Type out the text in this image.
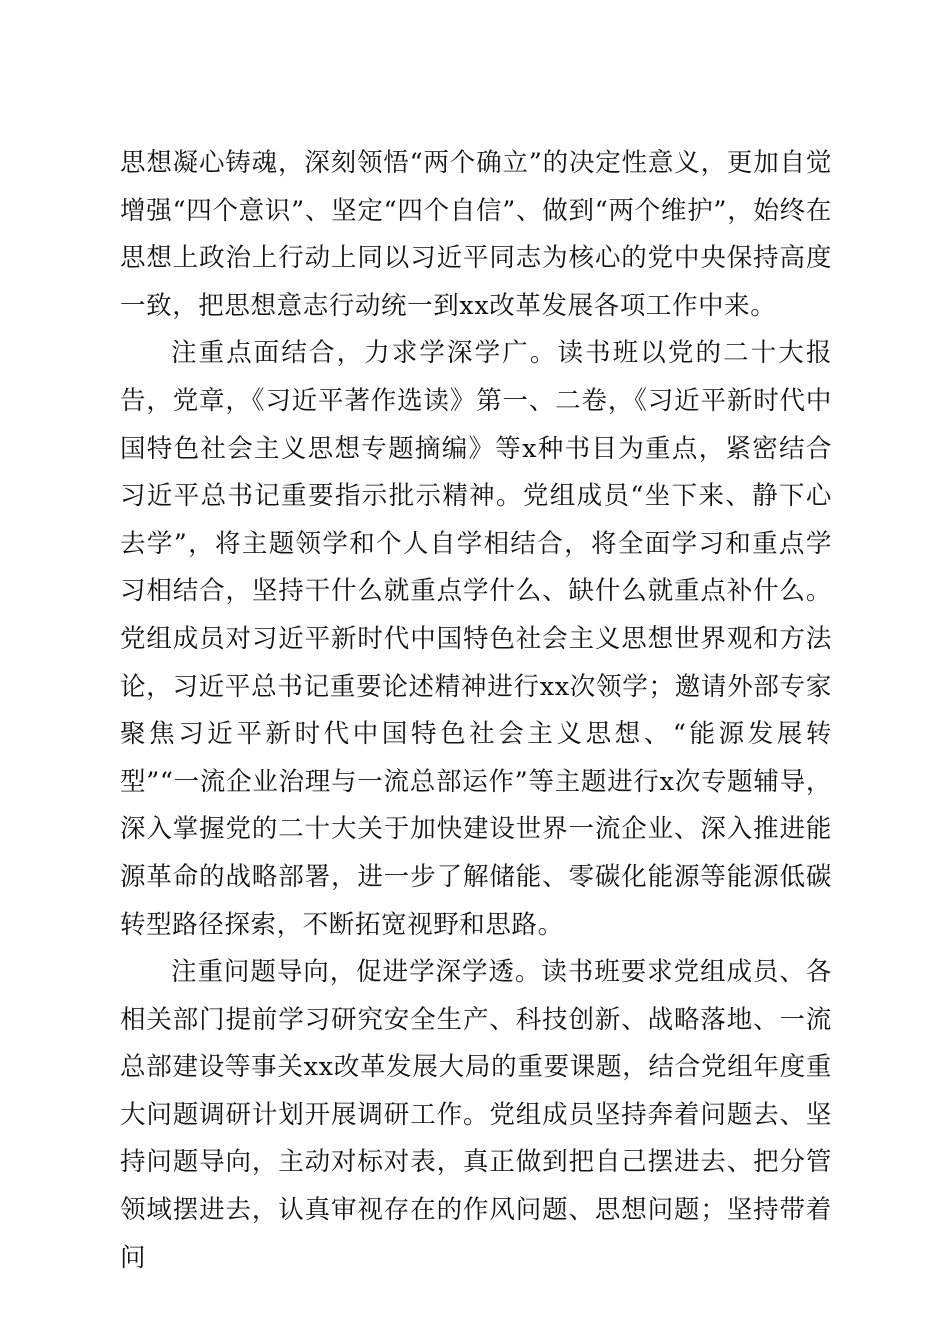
思想凝心铸魂，深刻领悟“两个确立”的决定性意义，更加自觉增强“四个意识”、坚定“四个自信”、做到“两个维护”，始终在思想上政治上行动上同以习近平同志为核心的党中央保持高度一致，把思想意志行动统一到xx改革发展各项工作中来。

注重点面结合，力求学深学广。读书班以党的二十大报告，党章，《习近平著作选读》第一、二卷，《习近平新时代中国特色社会主义思想专题摘编》等x种书目为重点，紧密结合习近平总书记重要指示批示精神。党组成员“坐下来、静下心去学”，将主题领学和个人自学相结合，将全面学习和重点学习相结合，坚持干什么就重点学什么、缺什么就重点补什么。党组成员对习近平新时代中国特色社会主义思想世界观和方法论，习近平总书记重要论述精神进行xx次领学；邀请外部专家聚焦习近平新时代中国特色社会主义思想、“能源发展转型”“一流企业治理与一流总部运作”等主题进行x次专题辅导，深入掌握党的二十大关于加快建设世界一流企业、深入推进能源革命的战略部署，进一步了解储能、零碳化能源等能源低碳转型路径探索，不断拓宽视野和思路。

注重问题导向，促进学深学透。读书班要求党组成员、各相关部门提前学习研究安全生产、科技创新、战略落地、一流总部建设等事关xx改革发展大局的重要课题，结合党组年度重大问题调研计划开展调研工作。党组成员坚持奔着问题去、坚持问题导向，主动对标对表，真正做到把自己摆进去、把分管领域摆进去，认真审视存在的作风问题、思想问题；坚持带着问
